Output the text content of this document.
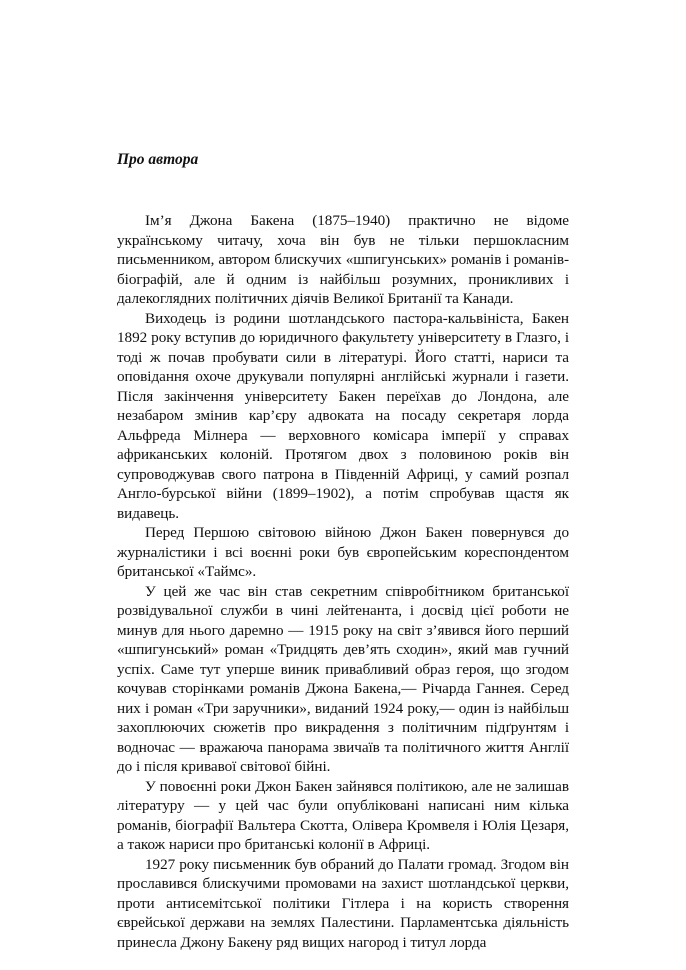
Про автора

Ім’я Джона Бакена (1875–1940) практично не відоме українському читачу, хоча він був не тільки першокласним письменником, автором блискучих «шпигунських» романів і романів-біографій, але й одним із найбільш розумних, проникливих і далекоглядних політичних діячів Великої Британії та Канади.

Виходець із родини шотландського пастора-кальвініста, Бакен 1892 року вступив до юридичного факультету університету в Глазго, і тоді ж почав пробувати сили в літературі. Його статті, нариси та оповідання охоче друкували популярні англійські журнали і газети. Після закінчення університету Бакен переїхав до Лондона, але незабаром змінив кар’єру адвоката на посаду секретаря лорда Альфреда Мілнера — верховного комісара імперії у справах африканських колоній. Протягом двох з половиною років він супроводжував свого патрона в Південній Африці, у самий розпал Англо-бурської війни (1899–1902), а потім спробував щастя як видавець.

Перед Першою світовою війною Джон Бакен повернувся до журналістики і всі воєнні роки був європейським кореспондентом британської «Таймс».

У цей же час він став секретним співробітником британської розвідувальної служби в чині лейтенанта, і досвід цієї роботи не минув для нього даремно — 1915 року на світ з’явився його перший «шпигунський» роман «Тридцять дев’ять сходин», який мав гучний успіх. Саме тут уперше виник привабливий образ героя, що згодом кочував сторінками романів Джона Бакена,— Річарда Ганнея. Серед них і роман «Три заручники», виданий 1924 року,— один із найбільш захоплюючих сюжетів про викрадення з політичним підґрунтям і водночас — вражаюча панорама звичаїв та політичного життя Англії до і після кривавої світової бійні.

У повоєнні роки Джон Бакен зайнявся політикою, але не залишав літературу — у цей час були опубліковані написані ним кілька романів, біографії Вальтера Скотта, Олівера Кромвеля і Юлія Цезаря, а також нариси про британські колонії в Африці.

1927 року письменник був обраний до Палати громад. Згодом він прославився блискучими промовами на захист шотландської церкви, проти антисемітської політики Гітлера і на користь створення єврейської держави на землях Палестини. Парламентська діяльність принесла Джону Бакену ряд вищих нагород і титул лорда
